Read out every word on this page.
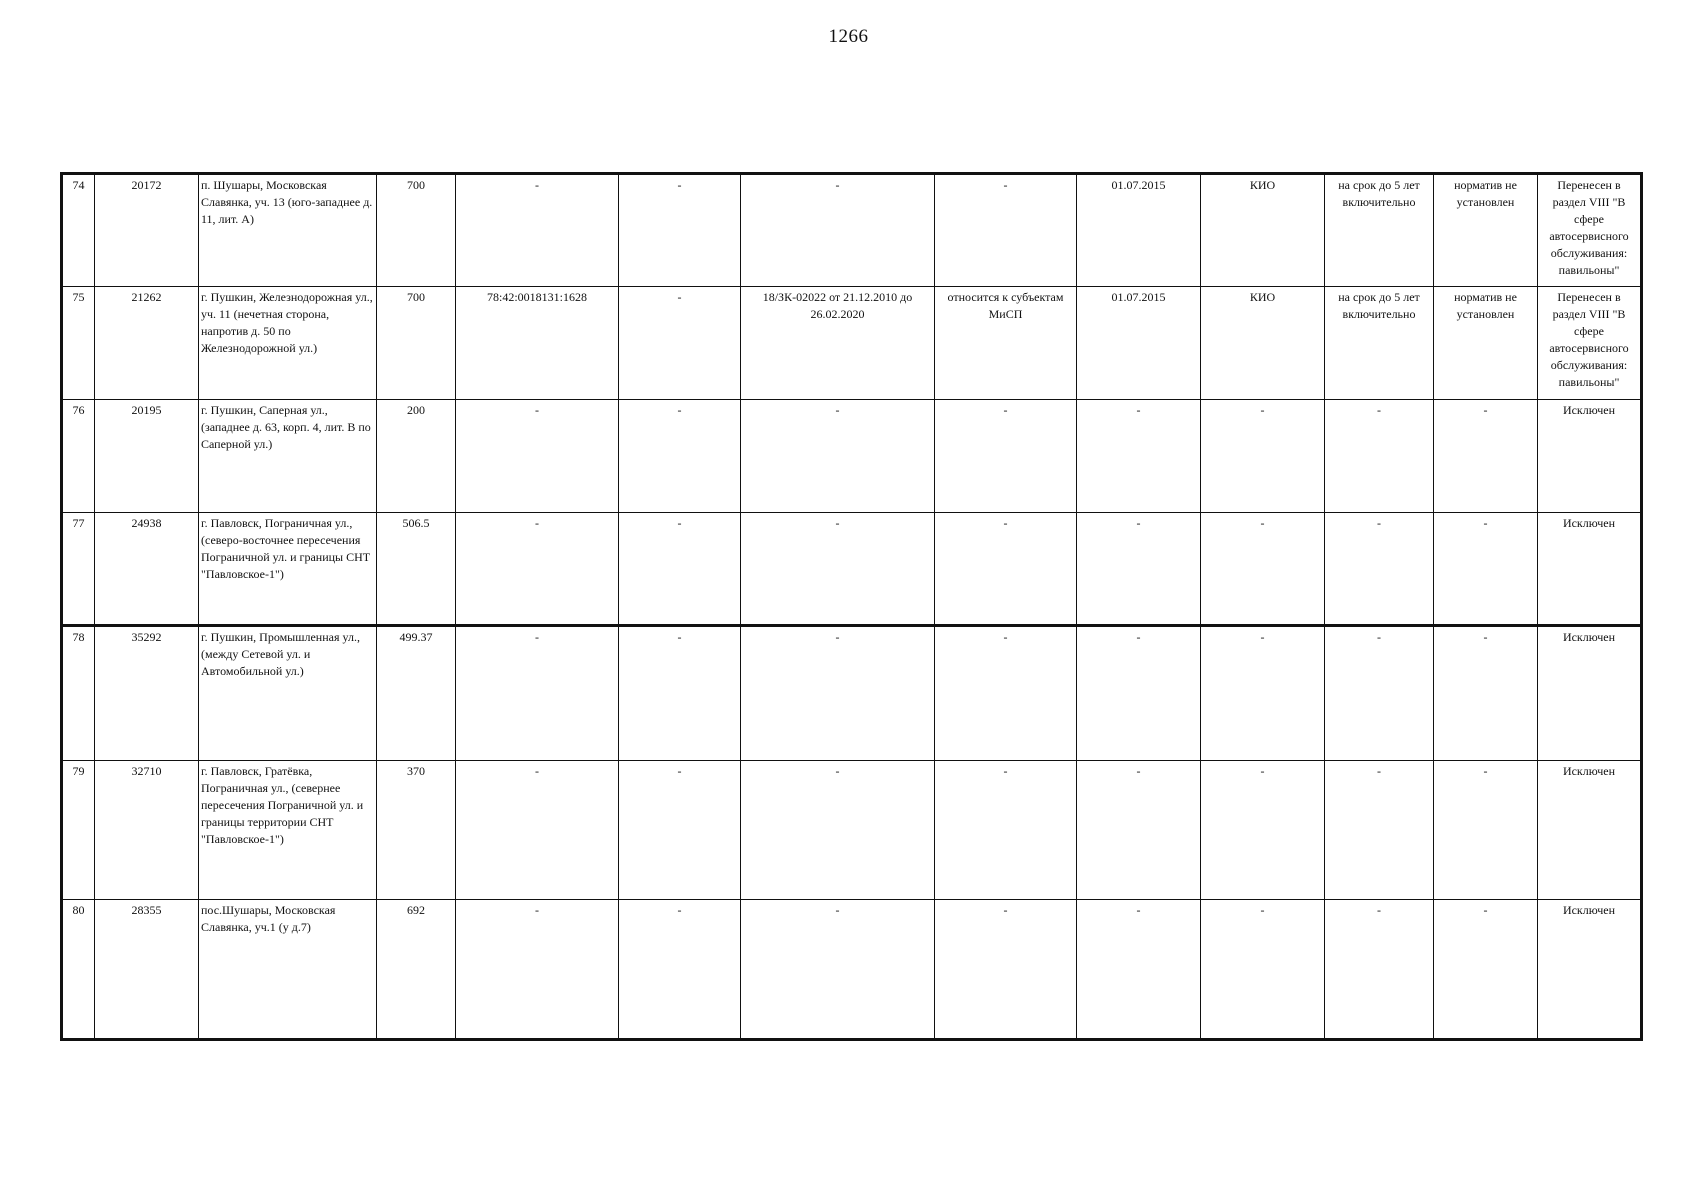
1266
74	20172	п. Шушары, Московская Славянка, уч. 13 (юго-западнее д. 11, лит. А)	700	-	-	-	-	01.07.2015	КИО	на срок до 5 лет включительно	норматив не установлен	Перенесен в раздел VIII "В сфере автосервисного обслуживания: павильоны"
75	21262	г. Пушкин, Железнодорожная ул., уч. 11 (нечетная сторона, напротив д. 50 по Железнодорожной ул.)	700	78:42:0018131:1628	-	18/ЗК-02022 от 21.12.2010 до 26.02.2020	относится к субъектам МиСП	01.07.2015	КИО	на срок до 5 лет включительно	норматив не установлен	Перенесен в раздел VIII "В сфере автосервисного обслуживания: павильоны"
76	20195	г. Пушкин, Саперная ул., (западнее д. 63, корп. 4, лит. В по Саперной ул.)	200	-	-	-	-	-	-	-	-	Исключен
77	24938	г. Павловск, Пограничная ул., (северо-восточнее пересечения Пограничной ул. и границы СНТ "Павловское-1")	506.5	-	-	-	-	-	-	-	-	Исключен
78	35292	г. Пушкин, Промышленная ул., (между Сетевой ул. и Автомобильной ул.)	499.37	-	-	-	-	-	-	-	-	Исключен
79	32710	г. Павловск, Гратёвка, Пограничная ул., (севернее пересечения Пограничной ул. и границы территории СНТ "Павловское-1")	370	-	-	-	-	-	-	-	-	Исключен
80	28355	пос.Шушары, Московская Славянка, уч.1 (у д.7)	692	-	-	-	-	-	-	-	-	Исключен
